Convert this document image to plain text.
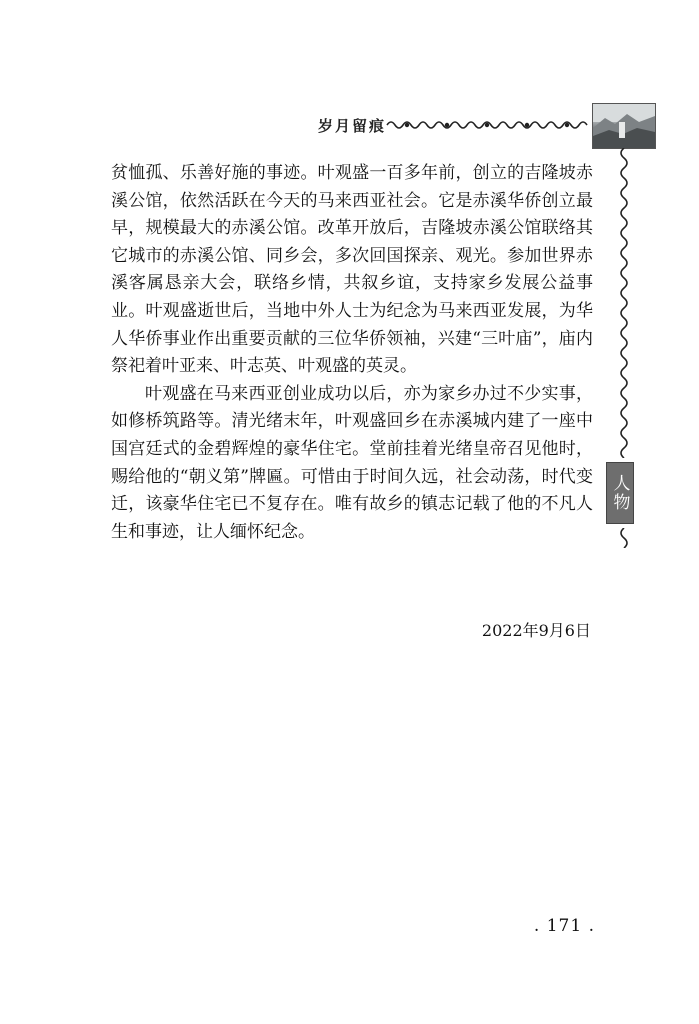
岁月留痕
人物

贫恤孤、乐善好施的事迹。叶观盛一百多年前，创立的吉隆坡赤溪公馆，依然活跃在今天的马来西亚社会。它是赤溪华侨创立最早，规模最大的赤溪公馆。改革开放后，吉隆坡赤溪公馆联络其它城市的赤溪公馆、同乡会，多次回国探亲、观光。参加世界赤溪客属恳亲大会，联络乡情，共叙乡谊，支持家乡发展公益事业。叶观盛逝世后，当地中外人士为纪念为马来西亚发展，为华人华侨事业作出重要贡献的三位华侨领袖，兴建“三叶庙”，庙内祭祀着叶亚来、叶志英、叶观盛的英灵。

叶观盛在马来西亚创业成功以后，亦为家乡办过不少实事，如修桥筑路等。清光绪末年，叶观盛回乡在赤溪城内建了一座中国宫廷式的金碧辉煌的豪华住宅。堂前挂着光绪皇帝召见他时，赐给他的“朝义第”牌匾。可惜由于时间久远，社会动荡，时代变迁，该豪华住宅已不复存在。唯有故乡的镇志记载了他的不凡人生和事迹，让人缅怀纪念。

2022年9月6日
. 171 .
